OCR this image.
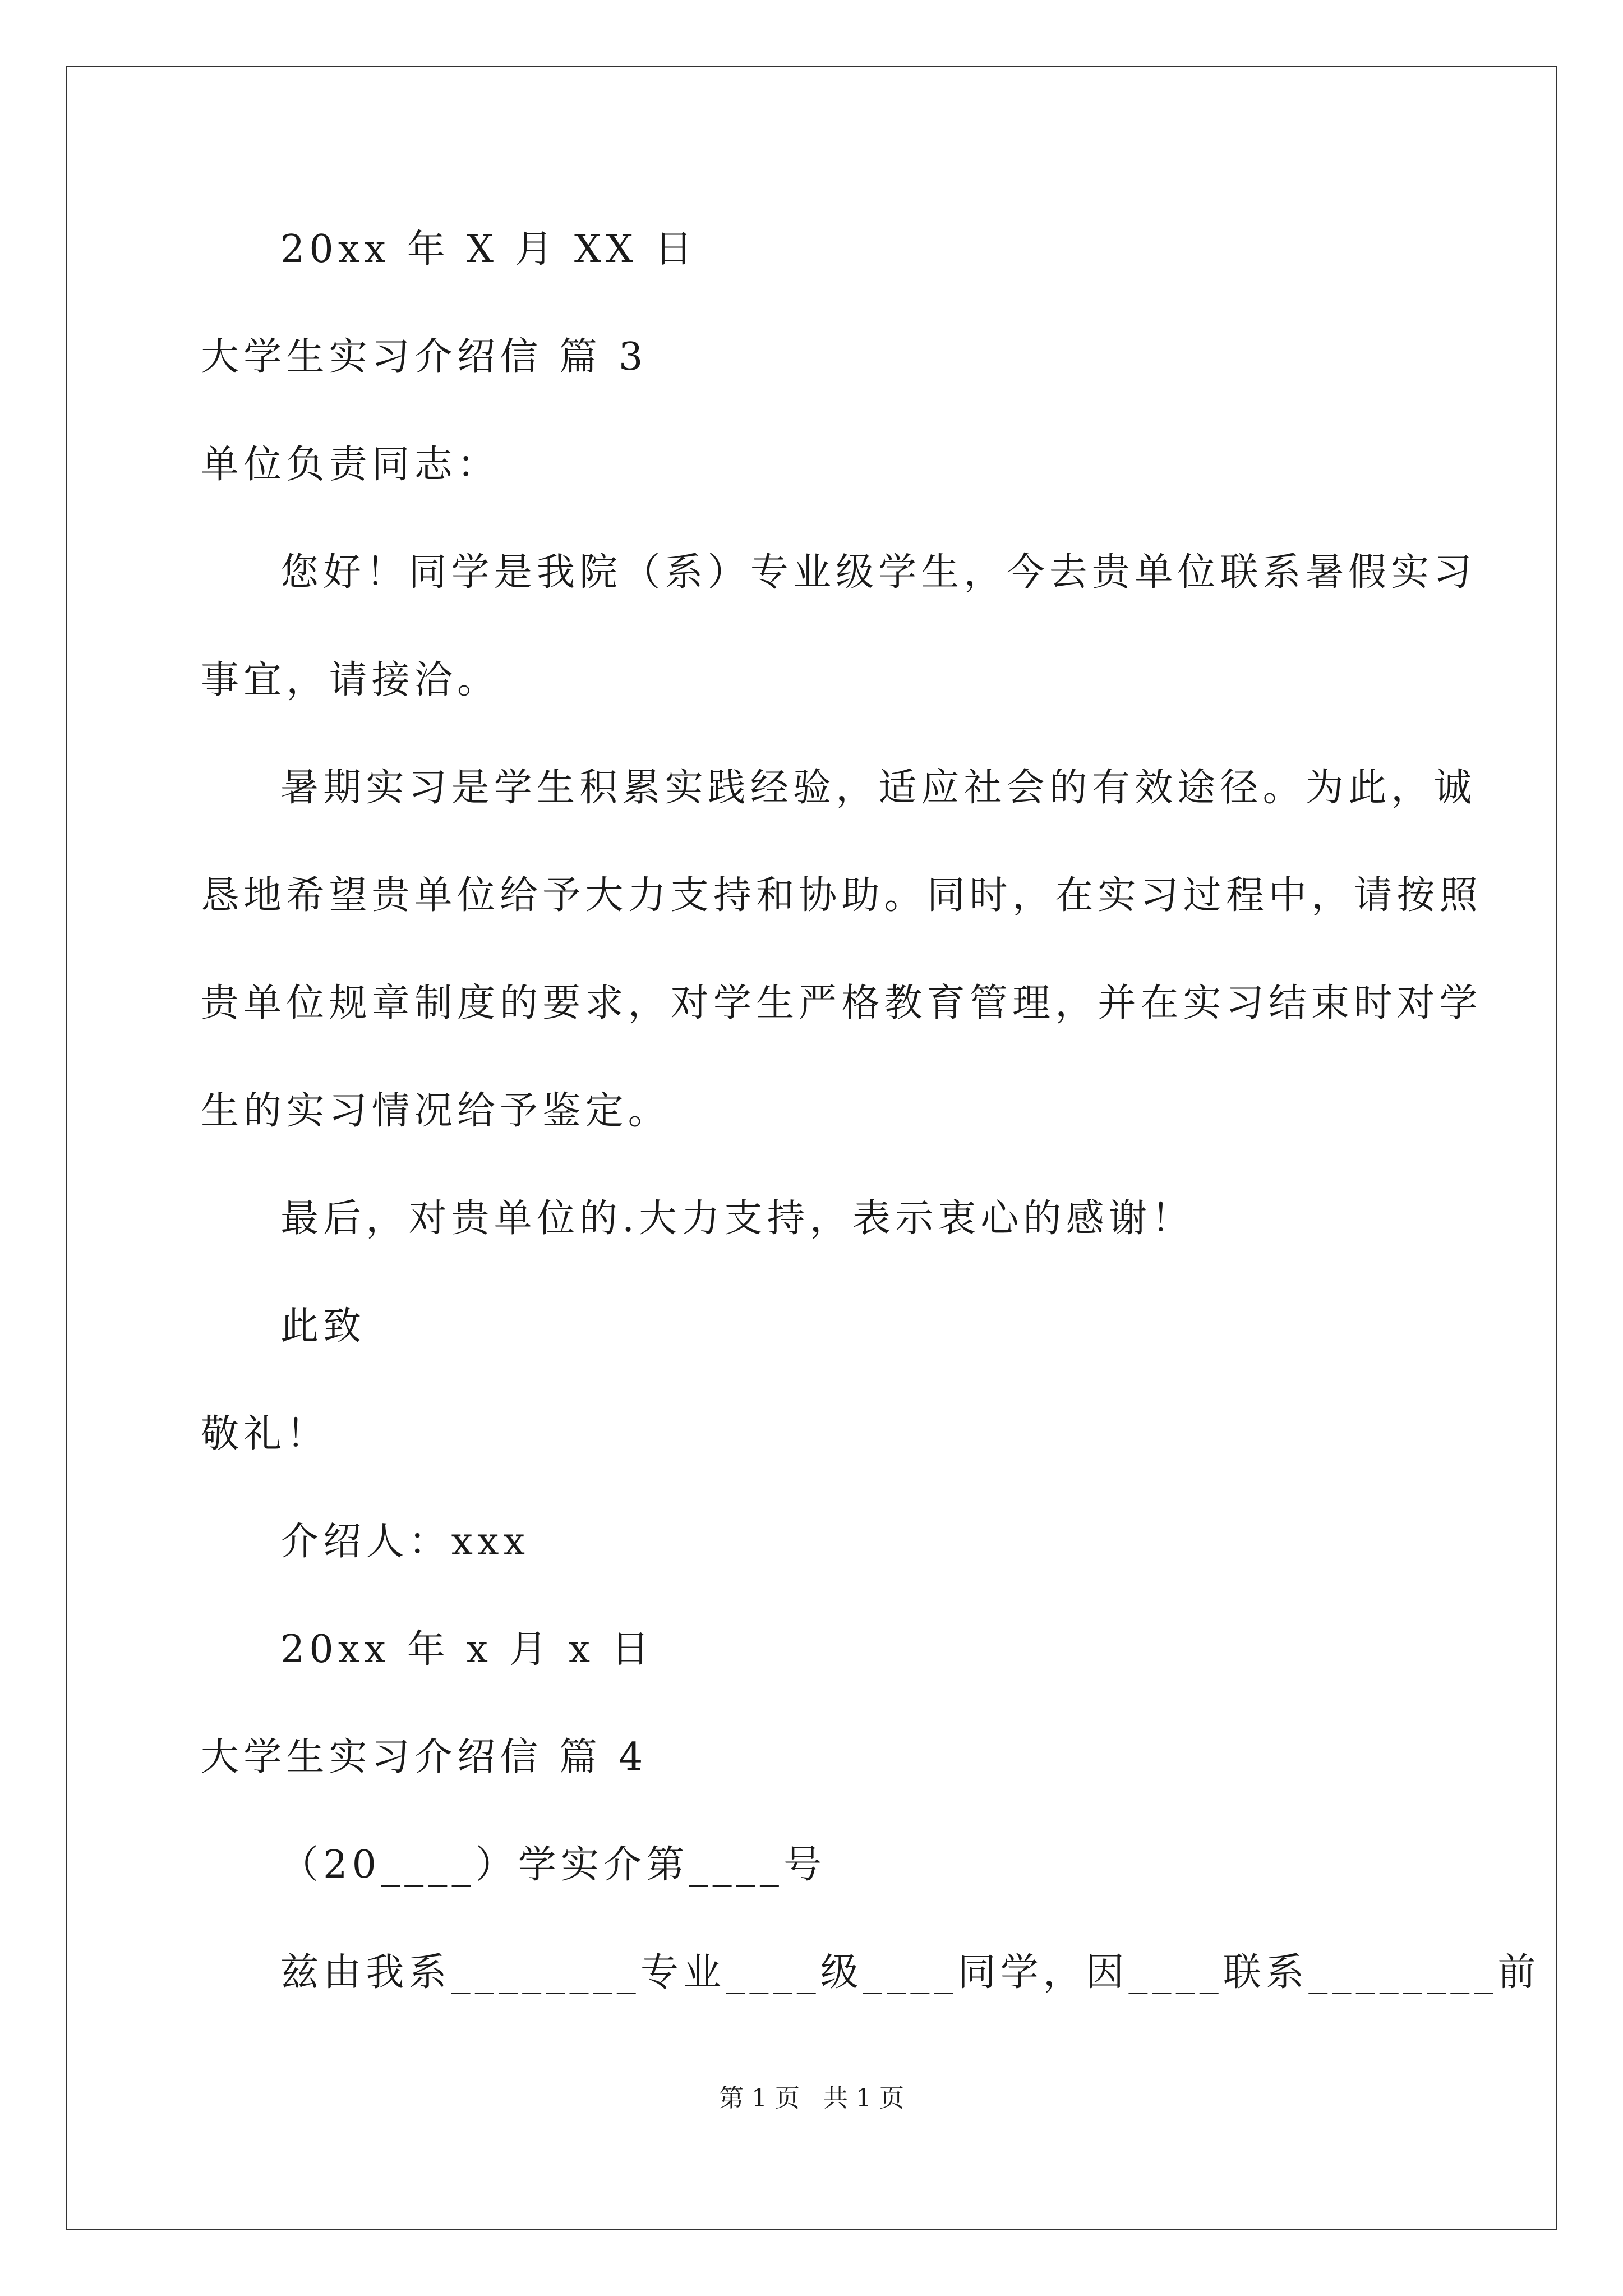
20xx 年 X 月 XX 日
大学生实习介绍信 篇 3
单位负责同志：
您好！同学是我院（系）专业级学生，今去贵单位联系暑假实习
事宜，请接洽。
暑期实习是学生积累实践经验，适应社会的有效途径。为此，诚
恳地希望贵单位给予大力支持和协助。同时，在实习过程中，请按照
贵单位规章制度的要求，对学生严格教育管理，并在实习结束时对学
生的实习情况给予鉴定。
最后，对贵单位的.大力支持，表示衷心的感谢！
此致
敬礼！
介绍人：xxx
20xx 年 x 月 x 日
大学生实习介绍信 篇 4
（20____）学实介第____号
兹由我系________专业____级____同学，因____联系________前
第 1 页   共 1 页
